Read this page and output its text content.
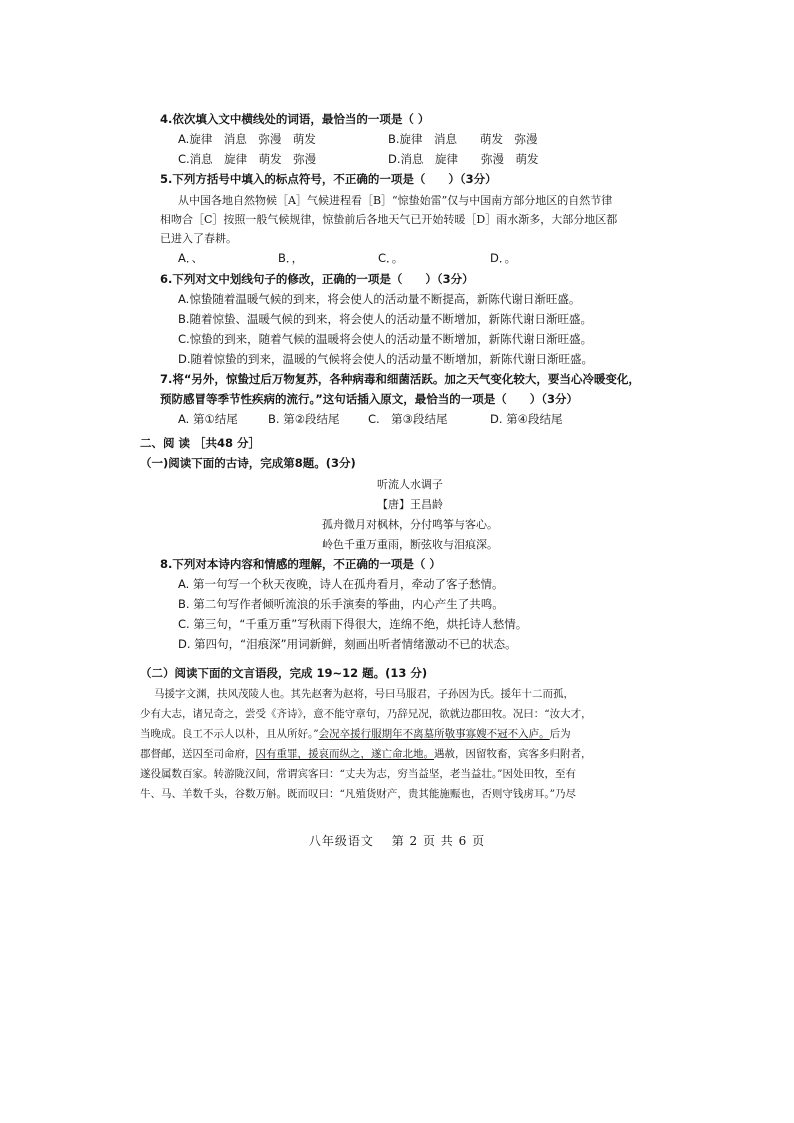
4.依次填入文中横线处的词语，最恰当的一项是（ ）
A.旋律　消息　弥漫　萌发	B.旋律　消息　　萌发　弥漫
C.消息　旋律　萌发　弥漫	D.消息　旋律　　弥漫　萌发
5.下列方括号中填入的标点符号，不正确的一项是（　　）（3分）
从中国各地自然物候［A］气候进程看［B］“惊蛰始雷”仅与中国南方部分地区的自然节律
相吻合［C］按照一般气候规律，惊蛰前后各地天气已开始转暖［D］雨水渐多，大部分地区都
已进入了春耕。
A．、	B．，	C．。	D．。
6.下列对文中划线句子的修改，正确的一项是（　　）（3分）
A.惊蛰随着温暖气候的到来，将会使人的活动量不断提高，新陈代谢日渐旺盛。
B.随着惊蛰、温暖气候的到来，将会使人的活动量不断增加，新陈代谢日渐旺盛。
C.惊蛰的到来，随着气候的温暖将会使人的活动量不断增加，新陈代谢日渐旺盛。
D.随着惊蛰的到来，温暖的气候将会使人的活动量不断增加，新陈代谢日渐旺盛。
7.将“另外，惊蛰过后万物复苏，各种病毒和细菌活跃。加之天气变化较大，要当心冷暖变化，
预防感冒等季节性疾病的流行。”这句话插入原文，最恰当的一项是（　　）（3分）
A. 第①结尾	B. 第②段结尾 C.　第③段结尾	D. 第④段结尾
二、阅 读 ［共48 分］
（一)阅读下面的古诗，完成第8题。(3分)
听流人水调子
【唐】王昌龄
孤舟微月对枫林，分付鸣筝与客心。
岭色千重万重雨，断弦收与泪痕深。
8.下列对本诗内容和情感的理解，不正确的一项是（ ）
A. 第一句写一个秋天夜晚，诗人在孤舟看月，牵动了客子愁情。
B. 第二句写作者倾听流浪的乐手演奏的筝曲，内心产生了共鸣。
C. 第三句，“千重万重”写秋雨下得很大，连绵不绝，烘托诗人愁情。
D. 第四句，“泪痕深”用词新鲜，刻画出听者情绪激动不已的状态。
（二）阅读下面的文言语段，完成 19~12 题。(13 分)
马援字文渊，扶风茂陵人也。其先赵奢为赵将，号曰马服君，子孙因为氏。援年十二而孤，
少有大志，诸兄奇之，尝受《齐诗》，意不能守章句，乃辞兄况，欲就边郡田牧。况曰：“汝大才，
当晚成。良工不示人以朴，且从所好。”会况卒援行服期年不离墓所敬事寡嫂不冠不入庐。后为
郡督邮，送囚至司命府，囚有重罪，援哀而纵之，遂亡命北地。遇赦，因留牧畜，宾客多归附者，
遂役属数百家。转游陇汉间，常谓宾客曰：“丈夫为志，穷当益坚，老当益壮。”因处田牧，至有
牛、马、羊数千头，谷数万斛。既而叹曰：“凡殖货财产，贵其能施赈也，否则守钱虏耳。”乃尽
八年级语文　 第 2 页 共 6 页
